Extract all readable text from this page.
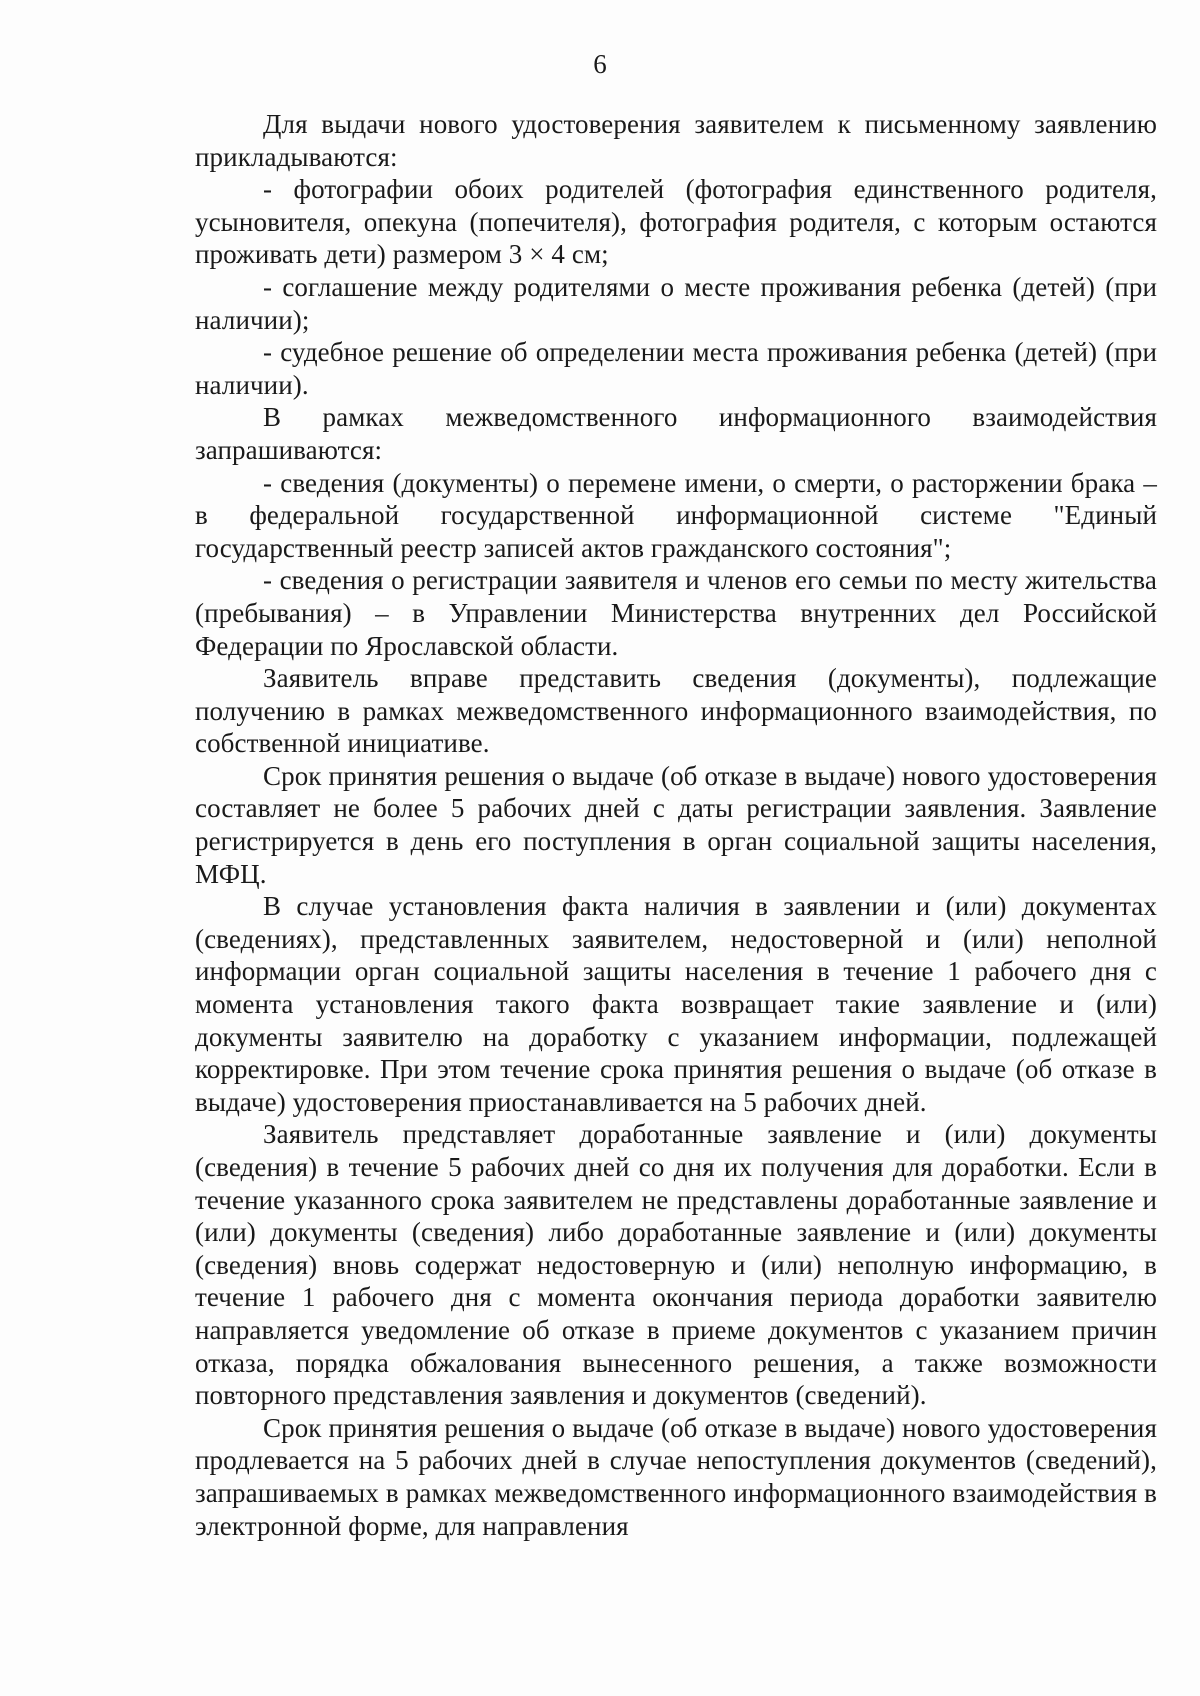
6

Для выдачи нового удостоверения заявителем к письменному заявлению прикладываются:

- фотографии обоих родителей (фотография единственного родителя, усыновителя, опекуна (попечителя), фотография родителя, с которым остаются проживать дети) размером 3 × 4 см;

- соглашение между родителями о месте проживания ребенка (детей) (при наличии);

- судебное решение об определении места проживания ребенка (детей) (при наличии).

В рамках межведомственного информационного взаимодействия запрашиваются:

- сведения (документы) о перемене имени, о смерти, о расторжении брака – в федеральной государственной информационной системе "Единый государственный реестр записей актов гражданского состояния";

- сведения о регистрации заявителя и членов его семьи по месту жительства (пребывания) – в Управлении Министерства внутренних дел Российской Федерации по Ярославской области.

Заявитель вправе представить сведения (документы), подлежащие получению в рамках межведомственного информационного взаимодействия, по собственной инициативе.

Срок принятия решения о выдаче (об отказе в выдаче) нового удостоверения составляет не более 5 рабочих дней с даты регистрации заявления. Заявление регистрируется в день его поступления в орган социальной защиты населения, МФЦ.

В случае установления факта наличия в заявлении и (или) документах (сведениях), представленных заявителем, недостоверной и (или) неполной информации орган социальной защиты населения в течение 1 рабочего дня с момента установления такого факта возвращает такие заявление и (или) документы заявителю на доработку с указанием информации, подлежащей корректировке. При этом течение срока принятия решения о выдаче (об отказе в выдаче) удостоверения приостанавливается на 5 рабочих дней.

Заявитель представляет доработанные заявление и (или) документы (сведения) в течение 5 рабочих дней со дня их получения для доработки. Если в течение указанного срока заявителем не представлены доработанные заявление и (или) документы (сведения) либо доработанные заявление и (или) документы (сведения) вновь содержат недостоверную и (или) неполную информацию, в течение 1 рабочего дня с момента окончания периода доработки заявителю направляется уведомление об отказе в приеме документов с указанием причин отказа, порядка обжалования вынесенного решения, а также возможности повторного представления заявления и документов (сведений).

Срок принятия решения о выдаче (об отказе в выдаче) нового удостоверения продлевается на 5 рабочих дней в случае непоступления документов (сведений), запрашиваемых в рамках межведомственного информационного взаимодействия в электронной форме, для направления
